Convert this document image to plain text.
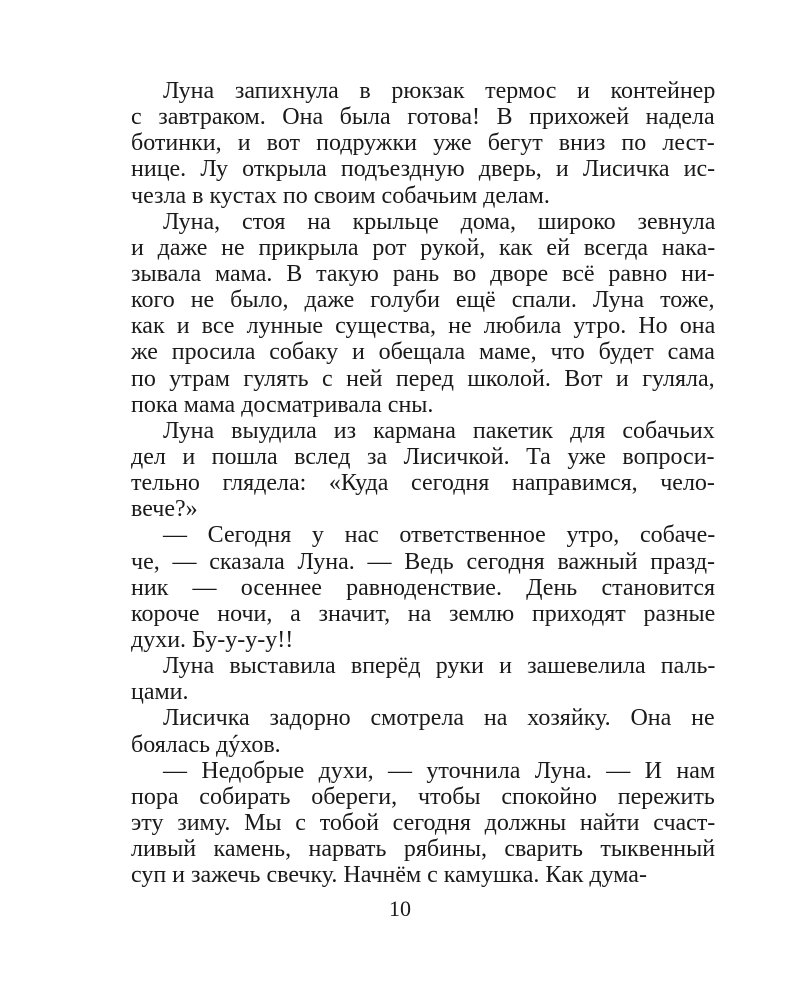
Луна запихнула в рюкзак термос и контейнер
с завтраком. Она была готова! В прихожей надела
ботинки, и вот подружки уже бегут вниз по лест-
нице. Лу открыла подъездную дверь, и Лисичка ис-
чезла в кустах по своим собачьим делам.
Луна, стоя на крыльце дома, широко зевнула
и даже не прикрыла рот рукой, как ей всегда нака-
зывала мама. В такую рань во дворе всё равно ни-
кого не было, даже голуби ещё спали. Луна тоже,
как и все лунные существа, не любила утро. Но она
же просила собаку и обещала маме, что будет сама
по утрам гулять с ней перед школой. Вот и гуляла,
пока мама досматривала сны.
Луна выудила из кармана пакетик для собачьих
дел и пошла вслед за Лисичкой. Та уже вопроси-
тельно глядела: «Куда сегодня направимся, чело-
вече?»
— Сегодня у нас ответственное утро, собаче-
че, — сказала Луна. — Ведь сегодня важный празд-
ник — осеннее равноденствие. День становится
короче ночи, а значит, на землю приходят разные
духи. Бу-у-у-у!!
Луна выставила вперёд руки и зашевелила паль-
цами.
Лисичка задорно смотрела на хозяйку. Она не
боялась дýхов.
— Недобрые духи, — уточнила Луна. — И нам
пора собирать обереги, чтобы спокойно пережить
эту зиму. Мы с тобой сегодня должны найти счаст-
ливый камень, нарвать рябины, сварить тыквенный
суп и зажечь свечку. Начнём с камушка. Как дума-
10
